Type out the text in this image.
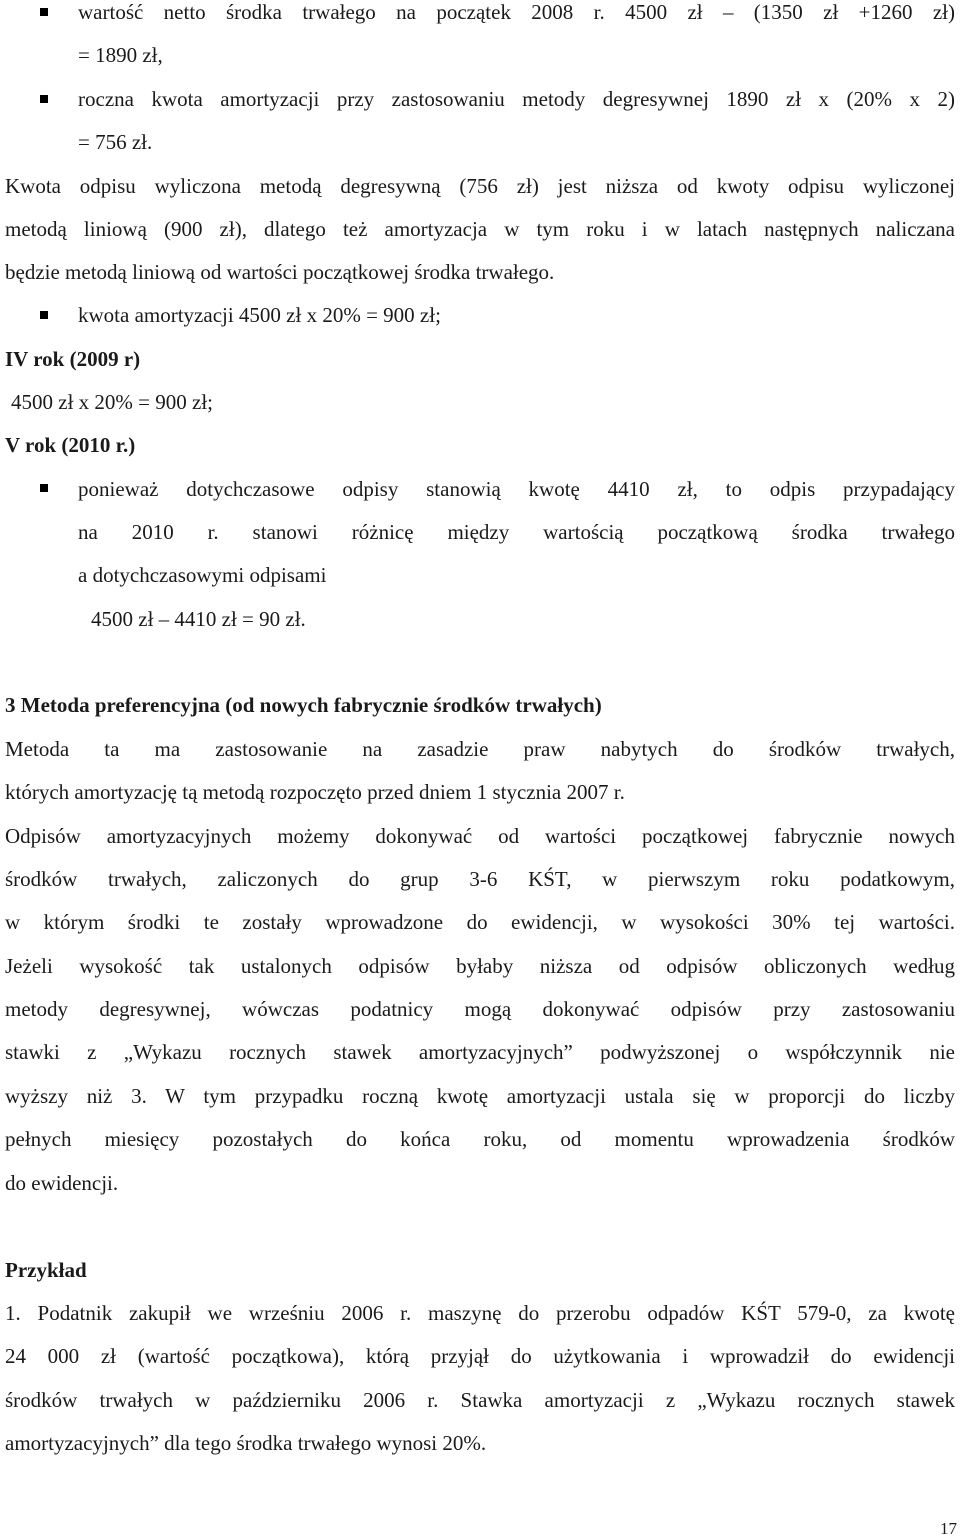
wartość netto środka trwałego na początek 2008 r. 4500 zł – (1350 zł +1260 zł)
= 1890 zł,
roczna kwota amortyzacji przy zastosowaniu metody degresywnej 1890 zł x (20% x 2)
= 756 zł.
Kwota odpisu wyliczona metodą degresywną (756 zł) jest niższa od kwoty odpisu wyliczonej
metodą liniową (900 zł), dlatego też amortyzacja w tym roku i w latach następnych naliczana
będzie metodą liniową od wartości początkowej środka trwałego.
kwota amortyzacji 4500 zł x 20% = 900 zł;
IV rok (2009 r)
4500 zł x 20% = 900 zł;
V rok (2010 r.)
ponieważ dotychczasowe odpisy stanowią kwotę 4410 zł, to odpis przypadający
na 2010 r. stanowi różnicę między wartością początkową środka trwałego
a dotychczasowymi odpisami
4500 zł – 4410 zł = 90 zł.
3 Metoda preferencyjna (od nowych fabrycznie środków trwałych)
Metoda ta ma zastosowanie na zasadzie praw nabytych do środków trwałych,
których amortyzację tą metodą rozpoczęto przed dniem 1 stycznia 2007 r.
Odpisów amortyzacyjnych możemy dokonywać od wartości początkowej fabrycznie nowych
środków trwałych, zaliczonych do grup 3-6 KŚT, w pierwszym roku podatkowym,
w którym środki te zostały wprowadzone do ewidencji, w wysokości 30% tej wartości.
Jeżeli wysokość tak ustalonych odpisów byłaby niższa od odpisów obliczonych według
metody degresywnej, wówczas podatnicy mogą dokonywać odpisów przy zastosowaniu
stawki z „Wykazu rocznych stawek amortyzacyjnych” podwyższonej o współczynnik nie
wyższy niż 3. W tym przypadku roczną kwotę amortyzacji ustala się w proporcji do liczby
pełnych miesięcy pozostałych do końca roku, od momentu wprowadzenia środków
do ewidencji.
Przykład
1. Podatnik zakupił we wrześniu 2006 r. maszynę do przerobu odpadów KŚT 579-0, za kwotę
24 000 zł (wartość początkowa), którą przyjął do użytkowania i wprowadził do ewidencji
środków trwałych w październiku 2006 r. Stawka amortyzacji z „Wykazu rocznych stawek
amortyzacyjnych” dla tego środka trwałego wynosi 20%.
17
